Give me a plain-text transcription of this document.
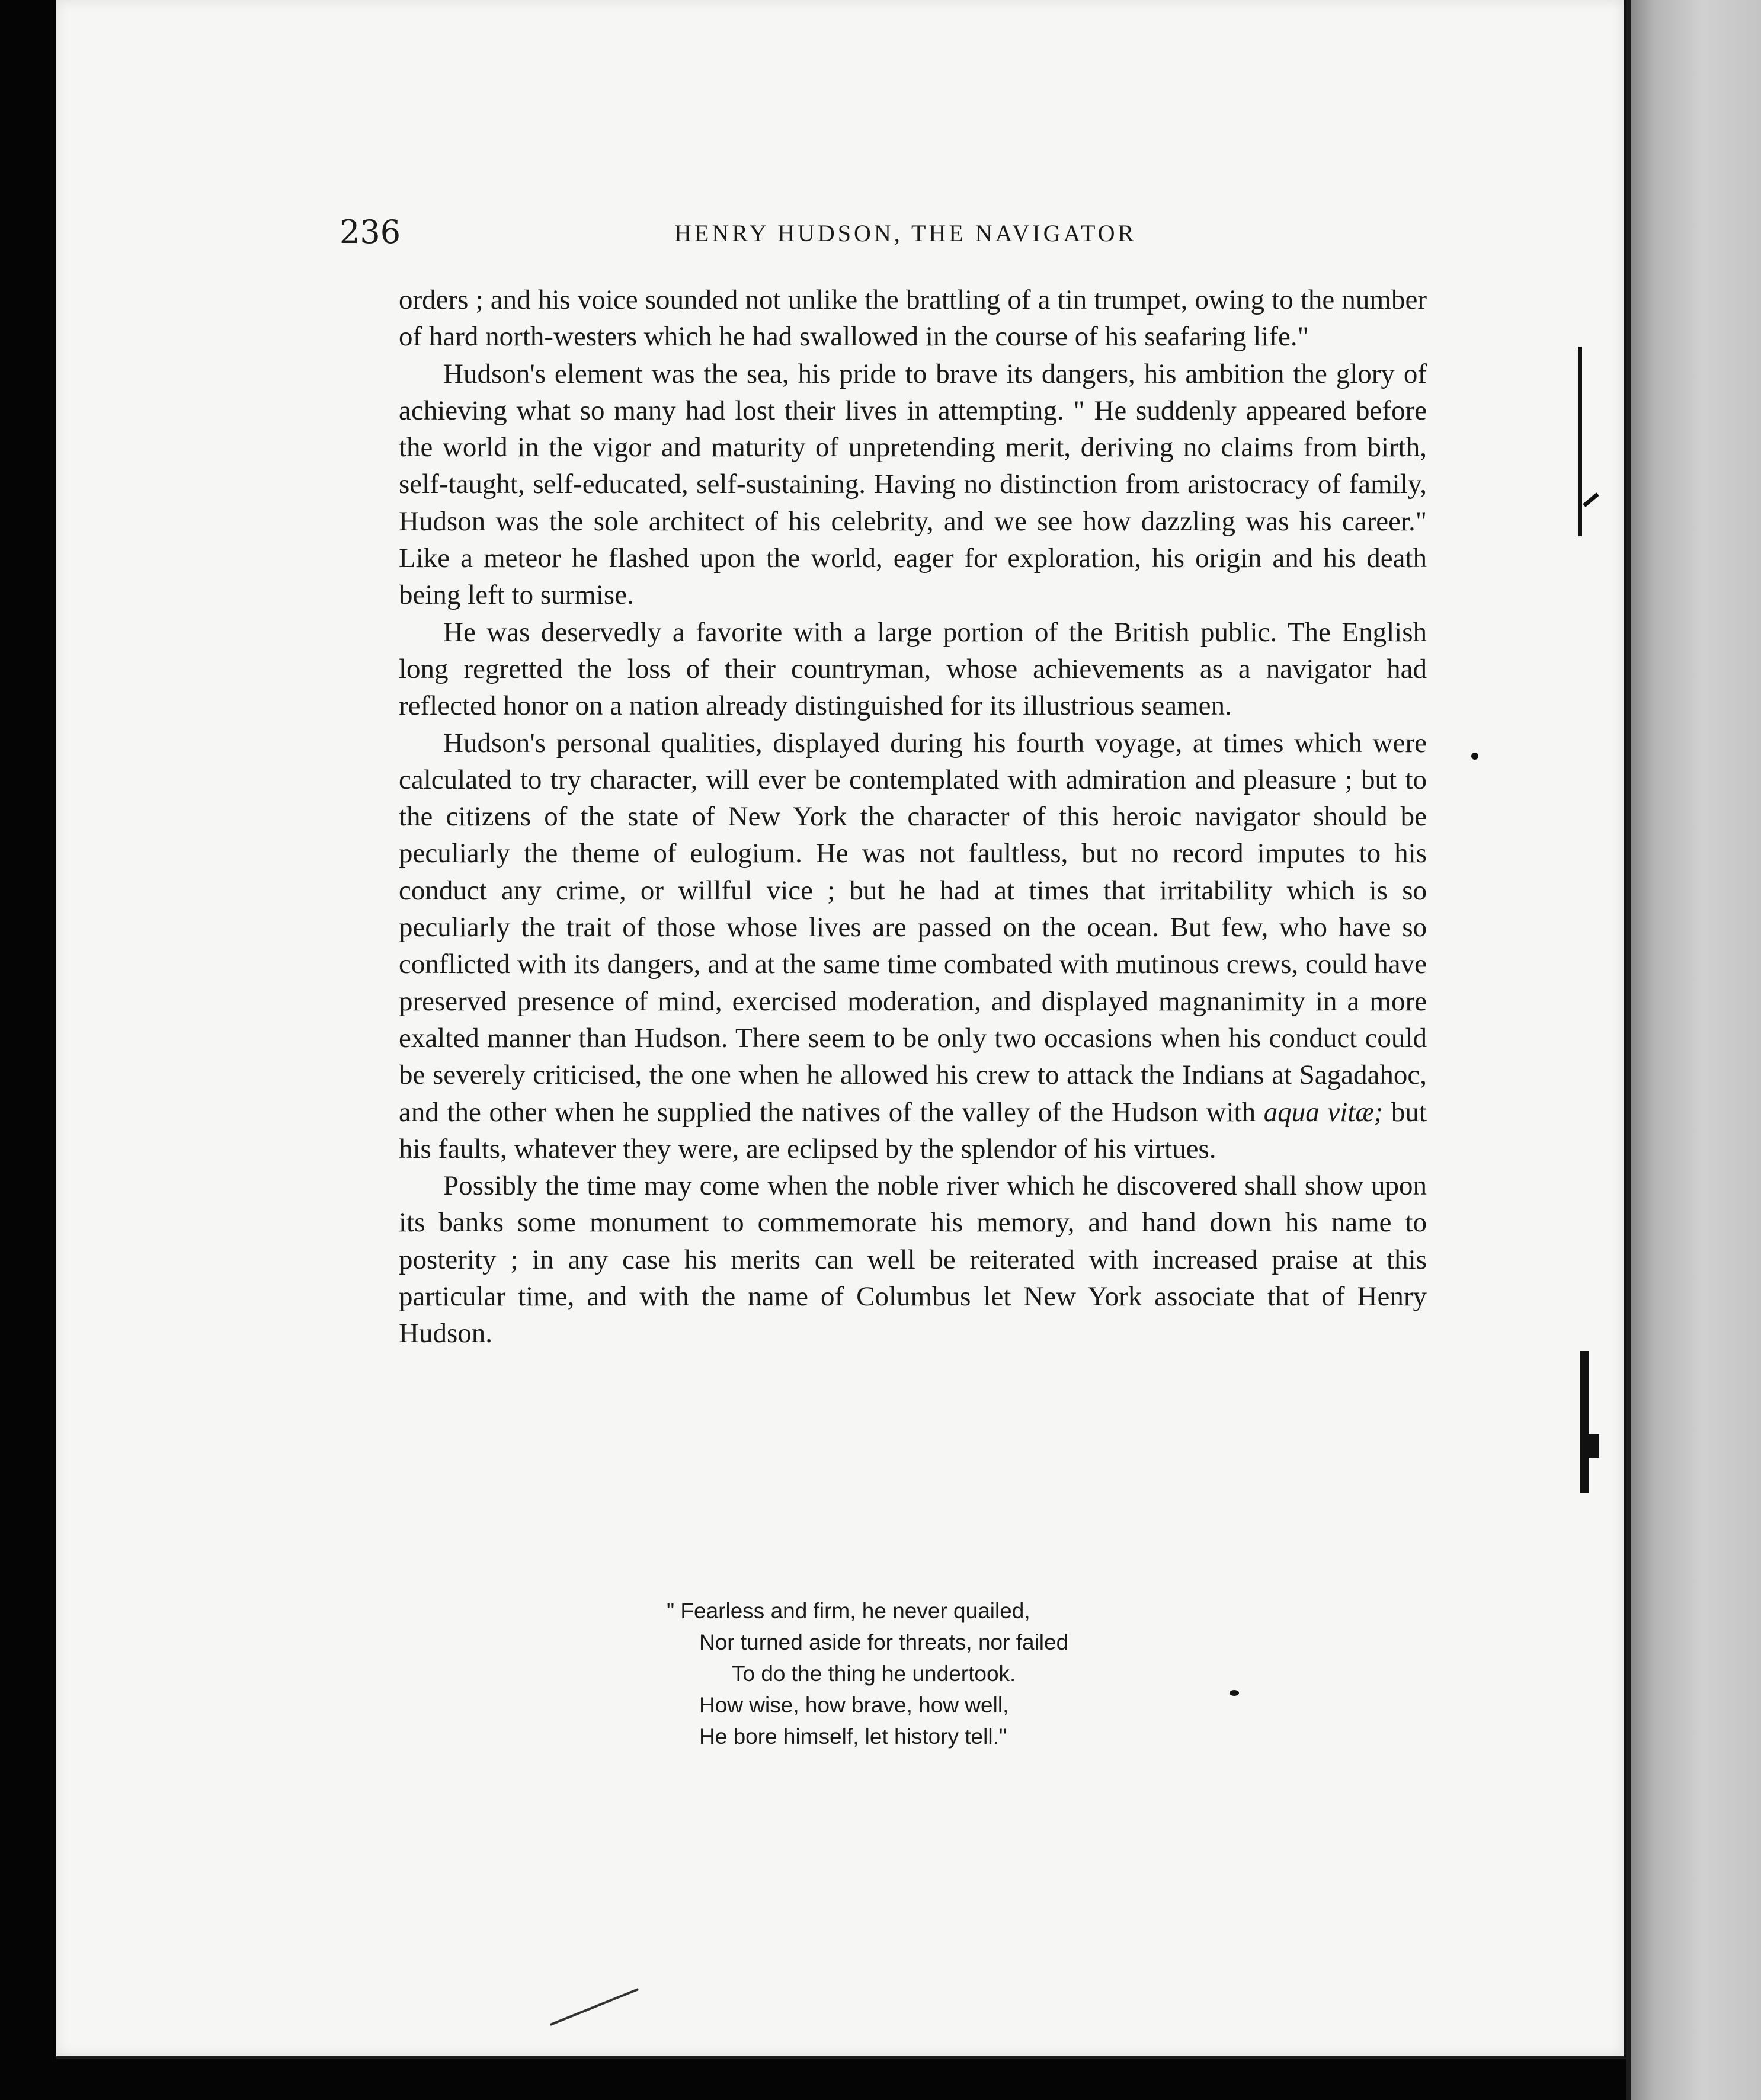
236	HENRY HUDSON, THE NAVIGATOR

orders ; and his voice sounded not unlike the brattling of a tin trumpet, owing to the number of hard north-westers which he had swallowed in the course of his seafaring life."

Hudson's element was the sea, his pride to brave its dangers, his ambition the glory of achieving what so many had lost their lives in attempting. " He suddenly appeared before the world in the vigor and maturity of unpretending merit, deriving no claims from birth, self-taught, self-educated, self-sustaining. Having no distinction from aristocracy of family, Hudson was the sole architect of his celebrity, and we see how dazzling was his career." Like a meteor he flashed upon the world, eager for exploration, his origin and his death being left to surmise.

He was deservedly a favorite with a large portion of the British public. The English long regretted the loss of their countryman, whose achievements as a navigator had reflected honor on a nation already distinguished for its illustrious seamen.

Hudson's personal qualities, displayed during his fourth voyage, at times which were calculated to try character, will ever be contemplated with admiration and pleasure ; but to the citizens of the state of New York the character of this heroic navigator should be peculiarly the theme of eulogium. He was not faultless, but no record imputes to his conduct any crime, or willful vice ; but he had at times that irritability which is so peculiarly the trait of those whose lives are passed on the ocean. But few, who have so conflicted with its dangers, and at the same time combated with mutinous crews, could have preserved presence of mind, exercised moderation, and displayed magnanimity in a more exalted manner than Hudson. There seem to be only two occasions when his conduct could be severely criticised, the one when he allowed his crew to attack the Indians at Sagadahoc, and the other when he supplied the natives of the valley of the Hudson with aqua vitæ; but his faults, whatever they were, are eclipsed by the splendor of his virtues.

Possibly the time may come when the noble river which he discovered shall show upon its banks some monument to commemorate his memory, and hand down his name to posterity ; in any case his merits can well be reiterated with increased praise at this particular time, and with the name of Columbus let New York associate that of Henry Hudson.

" Fearless and firm, he never quailed,
Nor turned aside for threats, nor failed
To do the thing he undertook.
How wise, how brave, how well,
He bore himself, let history tell."
